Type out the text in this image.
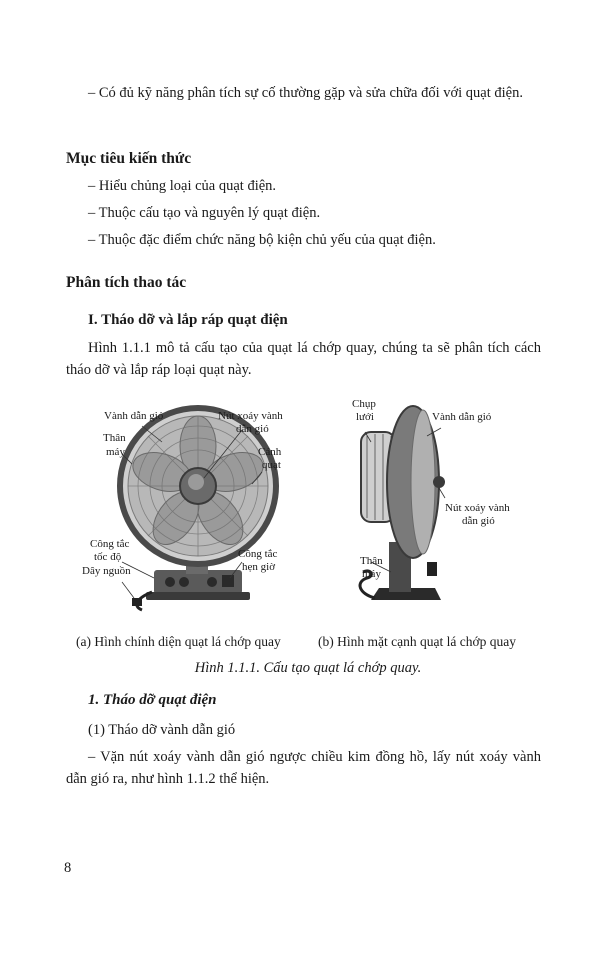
– Có đủ kỹ năng phân tích sự cố thường gặp và sửa chữa đối với quạt điện.

Mục tiêu kiến thức

– Hiểu chủng loại của quạt điện.

– Thuộc cấu tạo và nguyên lý quạt điện.

– Thuộc đặc điểm chức năng bộ kiện chủ yếu của quạt điện.

Phân tích thao tác
I. Tháo dỡ và lắp ráp quạt điện

Hình 1.1.1 mô tả cấu tạo của quạt lá chớp quay, chúng ta sẽ phân tích cách tháo dỡ và lắp ráp loại quạt này.

Vành dẫn gió	Nút xoáy vành
dẫn gió
Thân
máy	Cánh
quạt
Công tắc
tốc độ
Dây nguồn
Công tắc
hẹn giờ
Chụp
lưới	Vành dẫn gió
Nút xoáy vành
dẫn gió
Thân
máy
(a) Hình chính diện quạt lá chớp quay	(b) Hình mặt cạnh quạt lá chớp quay
Hình 1.1.1. Cấu tạo quạt lá chớp quay.
1. Tháo dỡ quạt điện

(1) Tháo dỡ vành dẫn gió

– Vặn nút xoáy vành dẫn gió ngược chiều kim đồng hồ, lấy nút xoáy vành dẫn gió ra, như hình 1.1.2 thể hiện.

8
